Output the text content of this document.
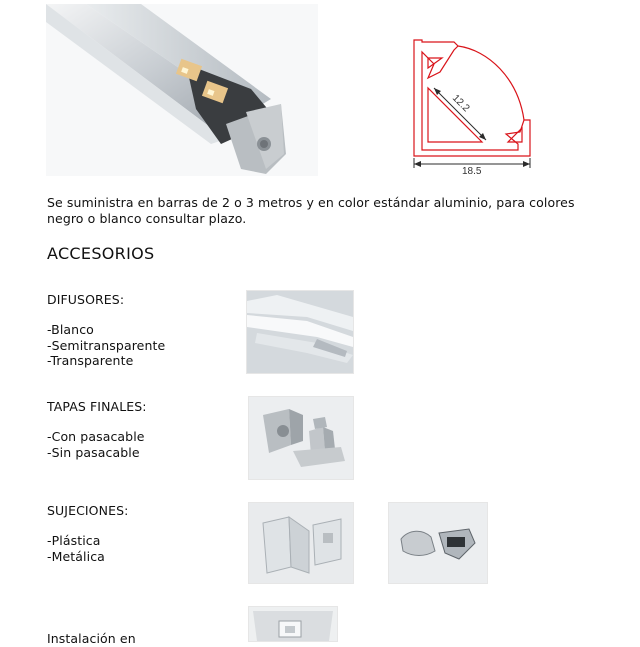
12.2
18.5
Se suministra en barras de 2 o 3 metros y en color estándar aluminio, para colores negro o blanco consultar plazo.
ACCESORIOS
DIFUSORES:
-Blanco
-Semitransparente
-Transparente
TAPAS FINALES:
-Con pasacable
-Sin pasacable
SUJECIONES:
-Plástica
-Metálica
Instalación en
